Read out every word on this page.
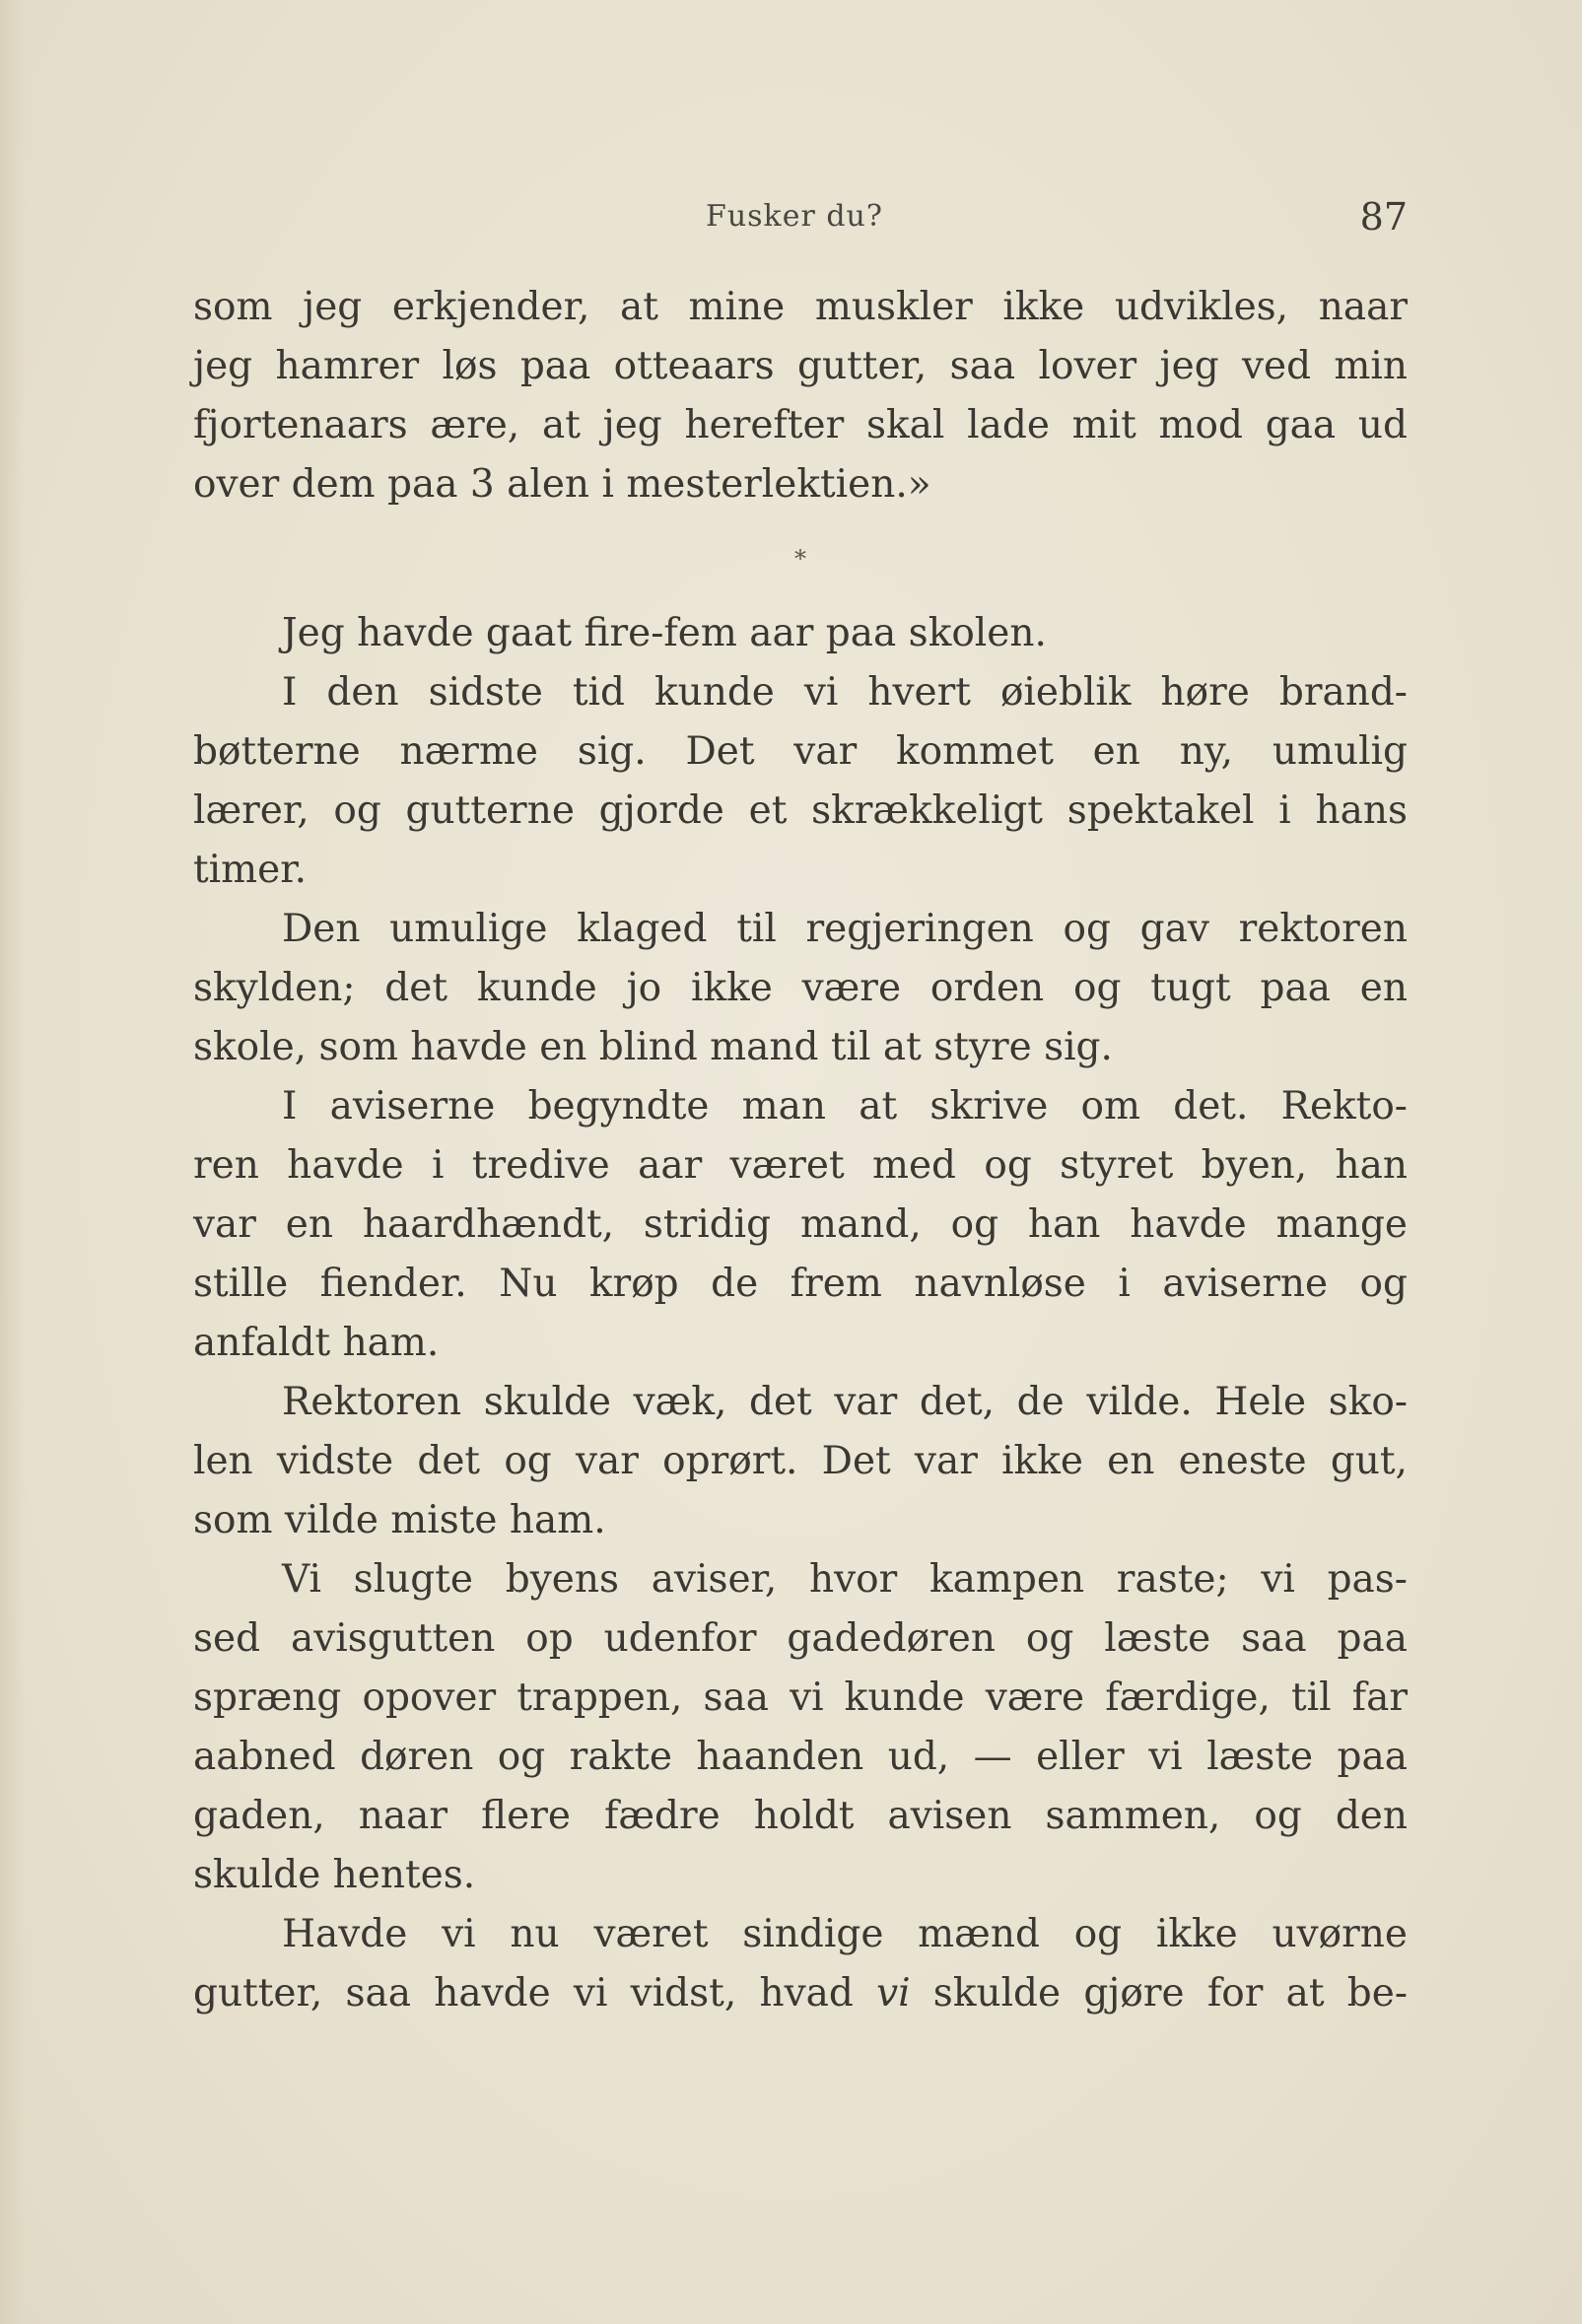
Fusker du?	87
som jeg erkjender, at mine muskler ikke udvikles, naar
jeg hamrer løs paa otteaars gutter, saa lover jeg ved min
fjortenaars ære, at jeg herefter skal lade mit mod gaa ud
over dem paa 3 alen i mesterlektien.»
*
Jeg havde gaat fire-fem aar paa skolen.
I den sidste tid kunde vi hvert øieblik høre brand-
bøtterne nærme sig. Det var kommet en ny, umulig
lærer, og gutterne gjorde et skrækkeligt spektakel i hans
timer.
Den umulige klaged til regjeringen og gav rektoren
skylden; det kunde jo ikke være orden og tugt paa en
skole, som havde en blind mand til at styre sig.
I aviserne begyndte man at skrive om det. Rekto-
ren havde i tredive aar været med og styret byen, han
var en haardhændt, stridig mand, og han havde mange
stille fiender. Nu krøp de frem navnløse i aviserne og
anfaldt ham.
Rektoren skulde væk, det var det, de vilde. Hele sko-
len vidste det og var oprørt. Det var ikke en eneste gut,
som vilde miste ham.
Vi slugte byens aviser, hvor kampen raste; vi pas-
sed avisgutten op udenfor gadedøren og læste saa paa
spræng opover trappen, saa vi kunde være færdige, til far
aabned døren og rakte haanden ud, — eller vi læste paa
gaden, naar flere fædre holdt avisen sammen, og den
skulde hentes.
Havde vi nu været sindige mænd og ikke uvørne
gutter, saa havde vi vidst, hvad vi skulde gjøre for at be-
